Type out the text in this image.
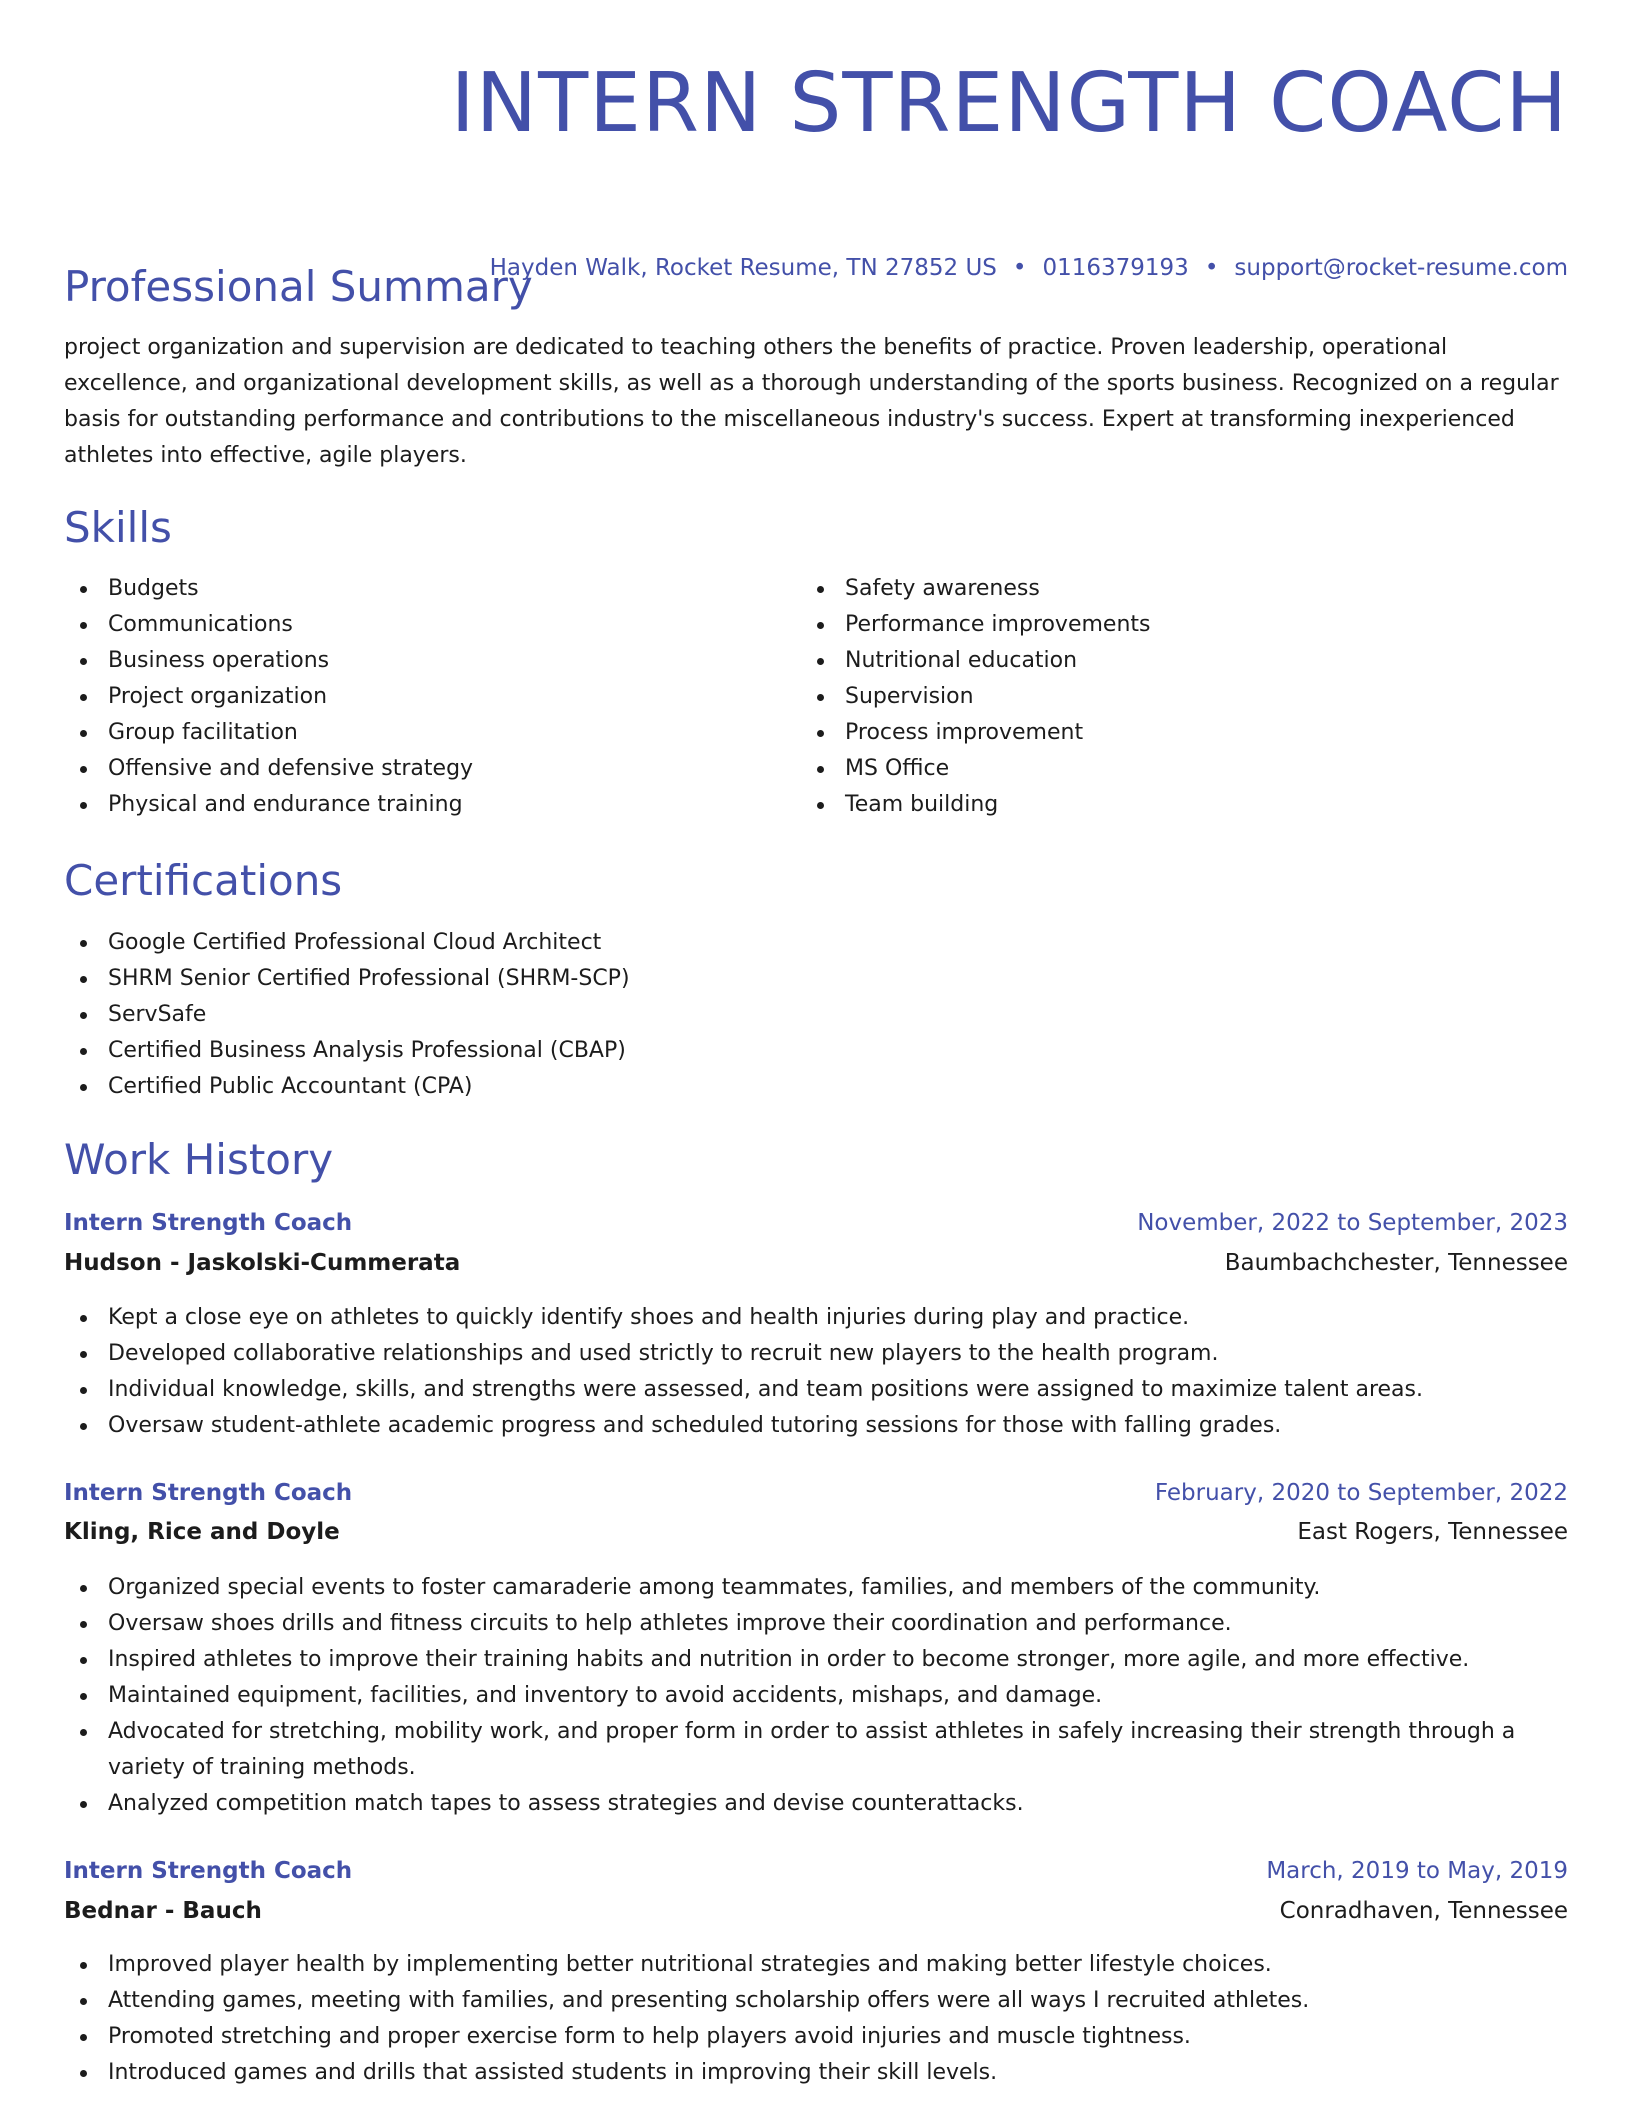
INTERN STRENGTH COACH
Hayden Walk, Rocket Resume, TN 27852 US • 0116379193 • support@rocket-resume.com
Professional Summary

project organization and supervision are dedicated to teaching others the benefits of practice. Proven leadership, operational excellence, and organizational development skills, as well as a thorough understanding of the sports business. Recognized on a regular basis for outstanding performance and contributions to the miscellaneous industry's success. Expert at transforming inexperienced athletes into effective, agile players.

Skills
Budgets
Communications
Business operations
Project organization
Group facilitation
Offensive and defensive strategy
Physical and endurance training
Safety awareness
Performance improvements
Nutritional education
Supervision
Process improvement
MS Office
Team building
Certifications
Google Certified Professional Cloud Architect
SHRM Senior Certified Professional (SHRM-SCP)
ServSafe
Certified Business Analysis Professional (CBAP)
Certified Public Accountant (CPA)
Work History
Intern Strength Coach	November, 2022 to September, 2023
Hudson - Jaskolski-Cummerata	Baumbachchester, Tennessee
Kept a close eye on athletes to quickly identify shoes and health injuries during play and practice.
Developed collaborative relationships and used strictly to recruit new players to the health program.
Individual knowledge, skills, and strengths were assessed, and team positions were assigned to maximize talent areas.
Oversaw student-athlete academic progress and scheduled tutoring sessions for those with falling grades.
Intern Strength Coach	February, 2020 to September, 2022
Kling, Rice and Doyle	East Rogers, Tennessee
Organized special events to foster camaraderie among teammates, families, and members of the community.
Oversaw shoes drills and fitness circuits to help athletes improve their coordination and performance.
Inspired athletes to improve their training habits and nutrition in order to become stronger, more agile, and more effective.
Maintained equipment, facilities, and inventory to avoid accidents, mishaps, and damage.
Advocated for stretching, mobility work, and proper form in order to assist athletes in safely increasing their strength through a variety of training methods.
Analyzed competition match tapes to assess strategies and devise counterattacks.
Intern Strength Coach	March, 2019 to May, 2019
Bednar - Bauch	Conradhaven, Tennessee
Improved player health by implementing better nutritional strategies and making better lifestyle choices.
Attending games, meeting with families, and presenting scholarship offers were all ways I recruited athletes.
Promoted stretching and proper exercise form to help players avoid injuries and muscle tightness.
Introduced games and drills that assisted students in improving their skill levels.
